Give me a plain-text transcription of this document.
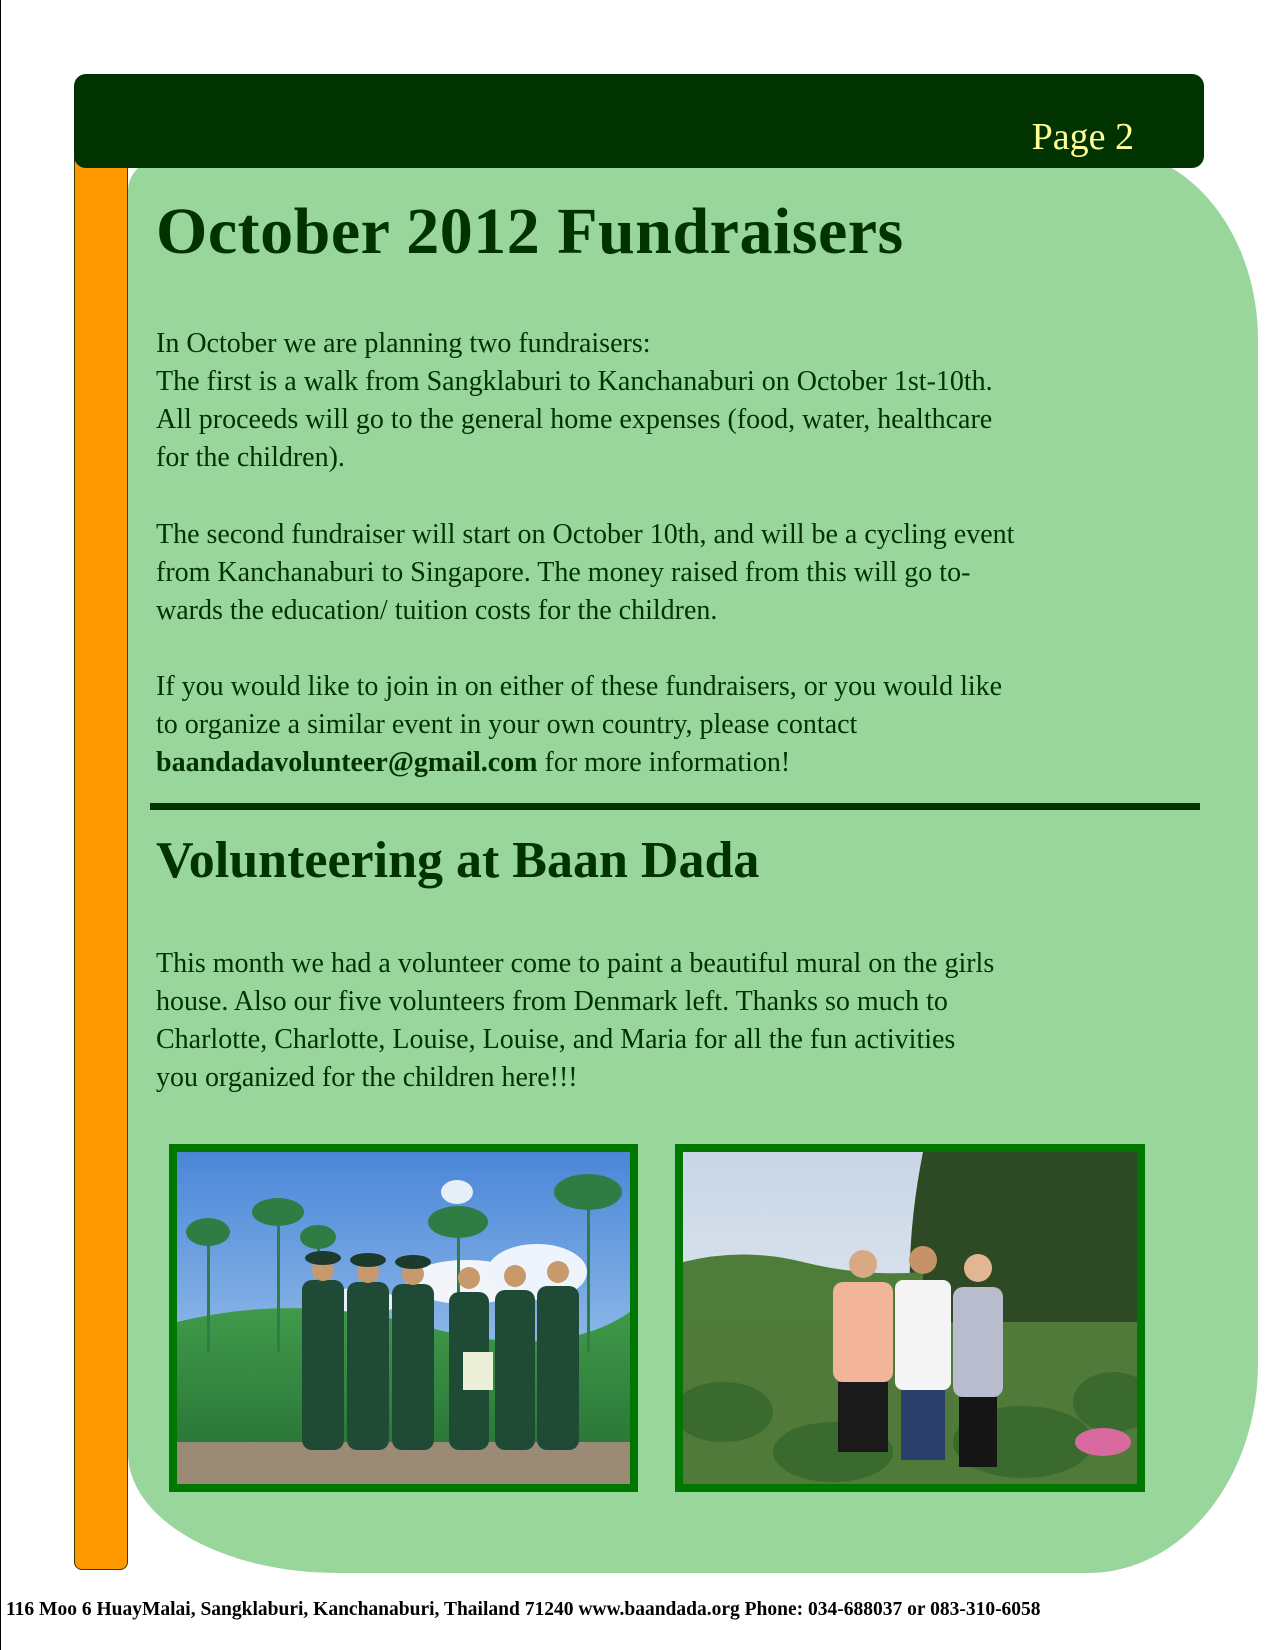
Page 2
October 2012 Fundraisers

In October we are planning two fundraisers:
The first is a walk from Sangklaburi to Kanchanaburi on October 1st-10th.
All proceeds will go to the general home expenses (food, water, healthcare
for the children).

The second fundraiser will start on October 10th, and will be a cycling event
from Kanchanaburi to Singapore. The money raised from this will go to-
wards the education/ tuition costs for the children.

If you would like to join in on either of these fundraisers, or you would like
to organize a similar event in your own country, please contact
baandadavolunteer@gmail.com for more information!

Volunteering at Baan Dada

This month we had a volunteer come to paint a beautiful mural on the girls
house. Also our five volunteers from Denmark left. Thanks so much to
Charlotte, Charlotte, Louise, Louise, and Maria for all the fun activities
you organized for the children here!!!

116 Moo 6 HuayMalai, Sangklaburi, Kanchanaburi, Thailand 71240 www.baandada.org Phone: 034-688037 or 083-310-6058
